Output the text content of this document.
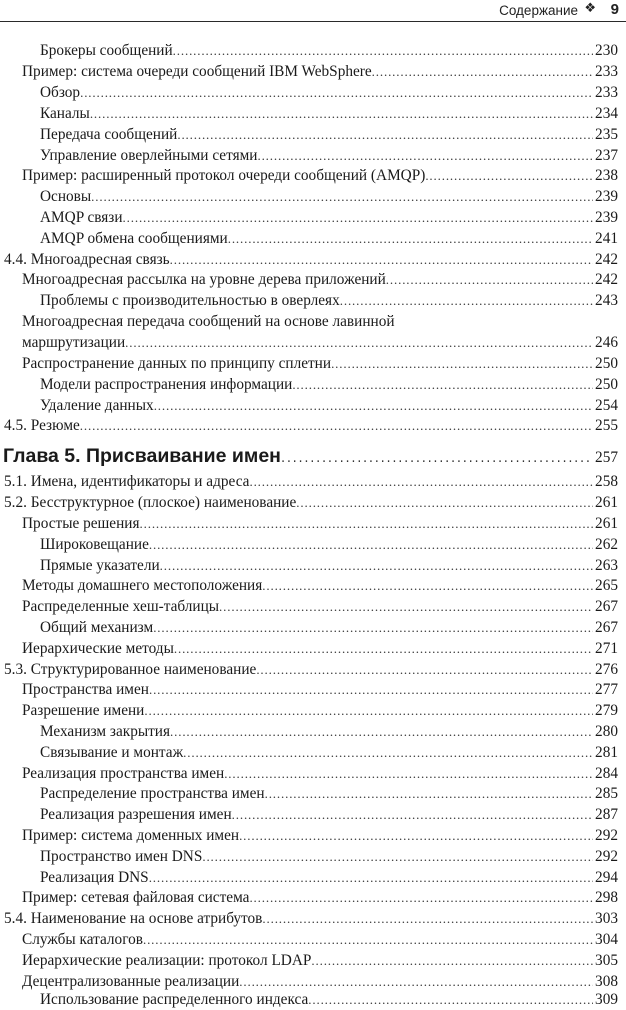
Содержание ❖ 9
Брокеры сообщений . . .	230
Пример: система очереди сообщений IBM WebSphere . . .	233
Обзор . . .	233
Каналы . . .	234
Передача сообщений . . .	235
Управление оверлейными сетями . . .	237
Пример: расширенный протокол очереди сообщений (AMQP) . . .	238
Основы . . .	239
AMQP связи . . .	239
AMQP обмена сообщениями . . .	241
4.4. Многоадресная связь . . .	242
Многоадресная рассылка на уровне дерева приложений . . .	242
Проблемы с производительностью в оверлеях . . .	243
Многоадресная передача сообщений на основе лавинной
маршрутизации . . .	246
Распространение данных по принципу сплетни . . .	250
Модели распространения информации . . .	250
Удаление данных . . .	254
4.5. Резюме . . .	255
Глава 5. Присваивание имен . . .	257
5.1. Имена, идентификаторы и адреса . . .	258
5.2. Бесструктурное (плоское) наименование . . .	261
Простые решения . . .	261
Широковещание . . .	262
Прямые указатели . . .	263
Методы домашнего местоположения . . .	265
Распределенные хеш-таблицы . . .	267
Общий механизм . . .	267
Иерархические методы . . .	271
5.3. Структурированное наименование . . .	276
Пространства имен . . .	277
Разрешение имени . . .	279
Механизм закрытия . . .	280
Связывание и монтаж . . .	281
Реализация пространства имен . . .	284
Распределение пространства имен . . .	285
Реализация разрешения имен . . .	287
Пример: система доменных имен . . .	292
Пространство имен DNS . . .	292
Реализация DNS . . .	294
Пример: сетевая файловая система . . .	298
5.4. Наименование на основе атрибутов . . .	303
Службы каталогов . . .	304
Иерархические реализации: протокол LDAP . . .	305
Децентрализованные реализации . . .	308
Использование распределенного индекса . . .	309
